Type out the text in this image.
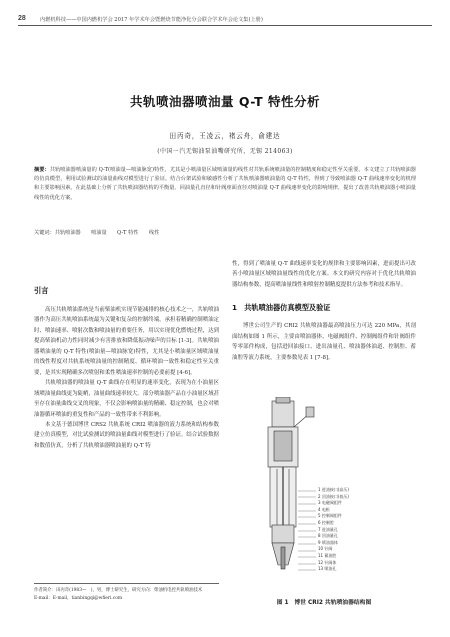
28	内燃机科技——中国内燃机学会 2017 年学术年会暨燃烧节能净化分会联合学术年会论文集(上册)
共轨喷油器喷油量 Q-T 特性分析
田丙奇，王凌云，褚云舟，俞建达
(中国一汽无锡油泵油嘴研究所，无锡 214063)
摘要：共轨喷油器喷油量的 Q-T(喷油量—喷油脉宽)特性，尤其是小喷油量区域喷油量的线性对共轨系统喷油量的控制精度和稳定性至关重要。本文建立了共轨喷油器的仿真模型，利用试验测试的油量曲线对模型进行了验证。结合台架试验和敏感性分析了共轨喷油器喷油量的 Q-T 特性，得到了导致喷油器 Q-T 曲线速率变化的机理和主要影响因素。在此基础上分析了共轨喷油器结构的平衡量、回油量孔直径和针阀座面直径对喷油量 Q-T 曲线速率变化的影响规律，提出了改善共轨喷油器小喷油量线性的优化方案。
关键词：共轨喷油器　　喷油量　　Q-T 特性　　线性
引言

高压共轨喷油系统是当前柴油机实现节能减排的核心技术之一，共轨喷油器作为高压共轨喷油系统最为关键和复杂的控制终端，承担着精确控制喷油定时、喷油速率、喷射次数和喷油量的重要任务，用以实现优化燃烧过程，达到提高柴油机动力性同时减少有害排放和降低振动噪声的目标 [1-3]。共轨喷油器喷油量的 Q-T 特性(喷油量—喷油脉宽)特性，尤其是小喷油量区域喷油量的线性程度对共轨系统喷油量的控制精度、循环喷油一致性和稳定性至关重要，是其实现精确多次喷射和柔性喷油速率控制的必要前提 [4-6]。

共轨喷油器的喷油量 Q-T 曲线存在明显的速率变化，表现为在小油量区域喷油量曲线更为陡峭，油量曲线速率较大。部分喷油器产品在小油量区域甚至存在油量曲线交叉的现象，不仅会影响喷油量的精确、稳定控制，也会对喷油器循环喷油的重复性和产品的一致性带来不利影响。

本文基于德国博世 CRS2 共轨系统 CRI2 喷油器的液力系统和结构参数建立仿真模型，对比试验测试的喷油量曲线对模型进行了验证。结合试验数据和数值仿真，分析了共轨喷油器喷油量的 Q-T 特

性，得到了喷油量 Q-T 曲线速率变化的规律和主要影响因素，进而提出可改善小喷油量区域喷油量线性的优化方案。本文的研究内容对于优化共轨喷油器结构参数，提高喷油量线性和喷射控制精度提供方法参考和技术指导。

1　共轨喷油器仿真模型及验证

博世公司生产的 CRI2 共轨喷油器最高喷油压力可达 220 MPa，其剖面结构如图 1 所示，主要由喷油器体、电磁阀组件、控制阀组件和针阀组件等零部件构成，包括进回油接口、进出油量孔、喷油器体油道、控制腔、蓄油腔等液力系统，主要参数见表 1 [7-8]。

作者简介：田丙奇(1983—　)，男，博士研究生，研究方向：柴油机电控共轨喷油技术
E-mail：E-mail，tianbingqi@wfieri.com
1 进油接口(高压)
2 回油接口(低压)
3 电磁阀组件
4 电枢
5 控制阀组件
6 控制腔
7 进油量孔
8 回油量孔
9 喷油器体
10 针阀
11 蓄油腔
12 针阀体
13 喷油孔
图 1　博世 CRI2 共轨喷油器结构图
